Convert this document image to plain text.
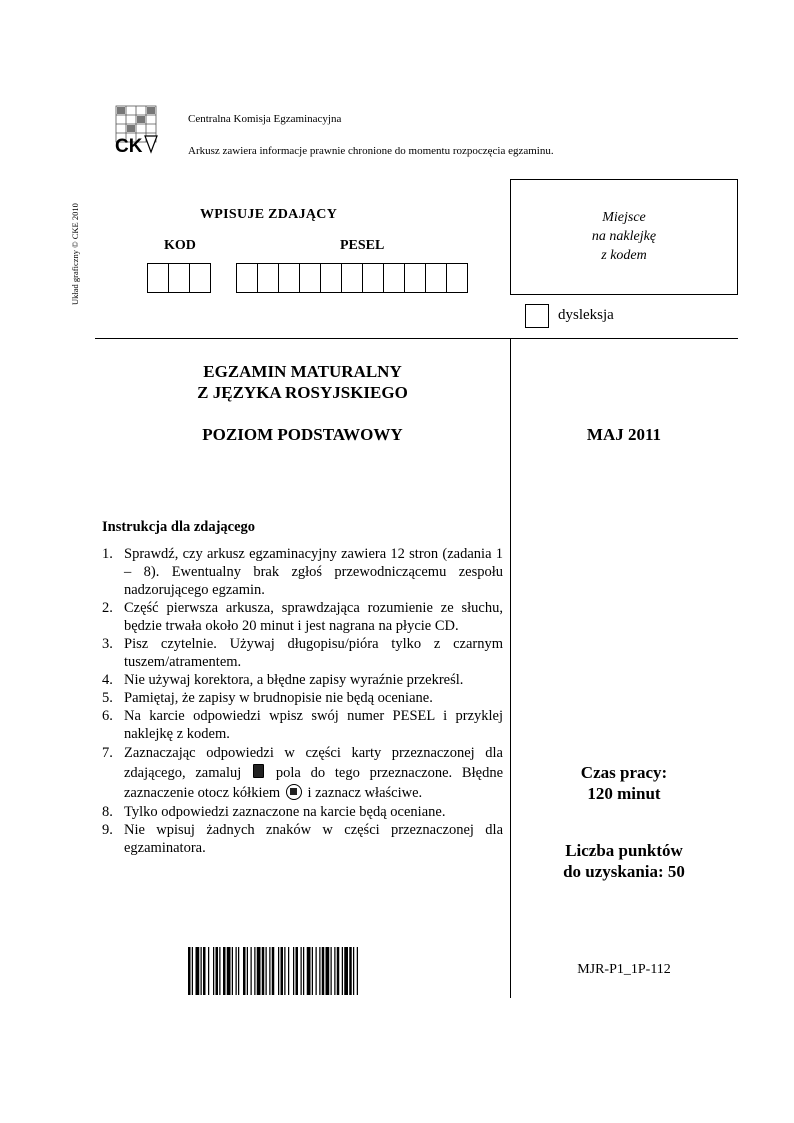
CK
Centralna Komisja Egzaminacyjna
Arkusz zawiera informacje prawnie chronione do momentu rozpoczęcia egzaminu.
Układ graficzny © CKE 2010	WPISUJE ZDAJĄCY
KOD	PESEL
Miejsce
na naklejkę
z kodem
dysleksja
EGZAMIN MATURALNY
Z JĘZYKA ROSYJSKIEGO
POZIOM PODSTAWOWY	MAJ 2011
Instrukcja dla zdającego
1. Sprawdź, czy arkusz egzaminacyjny zawiera 12 stron (zadania 1 – 8). Ewentualny brak zgłoś przewodniczącemu zespołu nadzorującego egzamin.
2. Część pierwsza arkusza, sprawdzająca rozumienie ze słuchu, będzie trwała około 20 minut i jest nagrana na płycie CD.
3. Pisz czytelnie. Używaj długopisu/pióra tylko z czarnym tuszem/atramentem.
4. Nie używaj korektora, a błędne zapisy wyraźnie przekreśl.
5. Pamiętaj, że zapisy w brudnopisie nie będą oceniane.
6. Na karcie odpowiedzi wpisz swój numer PESEL i przyklej naklejkę z kodem.
7. Zaznaczając odpowiedzi w części karty przeznaczonej dla zdającego, zamaluj pola do tego przeznaczone. Błędne zaznaczenie otocz kółkiem i zaznacz właściwe.
8. Tylko odpowiedzi zaznaczone na karcie będą oceniane.
9. Nie wpisuj żadnych znaków w części przeznaczonej dla egzaminatora.
Czas pracy:
120 minut
Liczba punktów
do uzyskania: 50
MJR-P1_1P-112
